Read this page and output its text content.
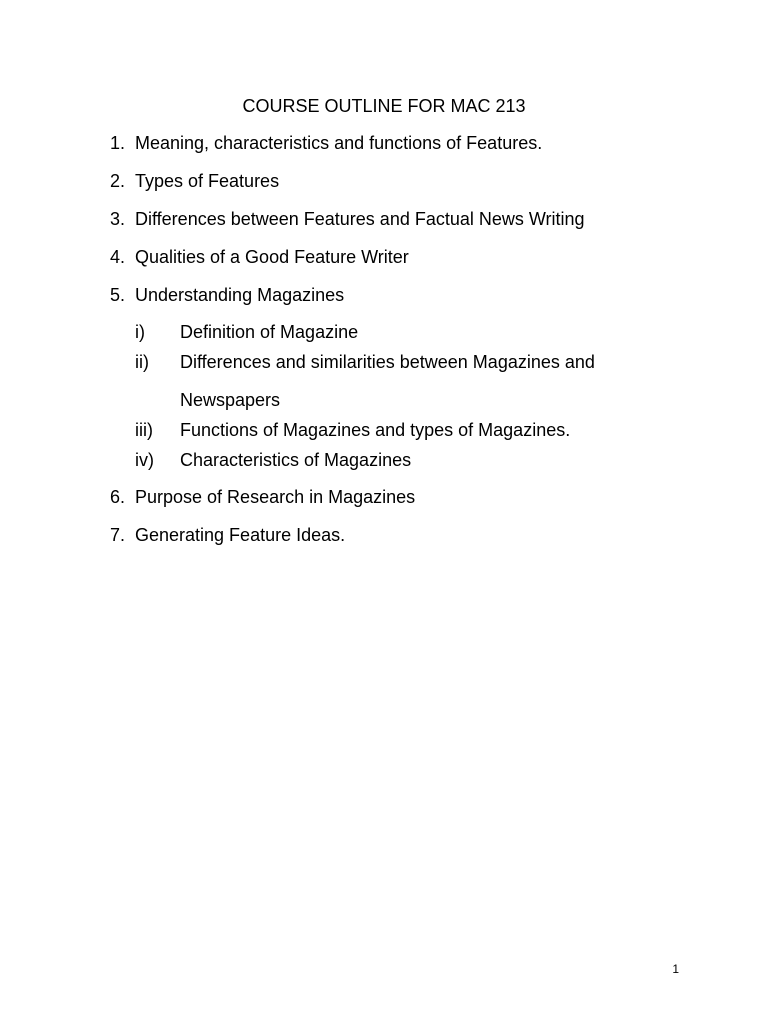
COURSE OUTLINE FOR MAC 213
1. Meaning, characteristics and functions of Features.
2. Types of Features
3. Differences between Features and Factual News Writing
4. Qualities of a Good Feature Writer
5. Understanding Magazines
i)	Definition of Magazine
ii)	Differences and similarities between Magazines and Newspapers
iii)	Functions of Magazines and types of Magazines.
iv)	Characteristics of Magazines
6. Purpose of Research in Magazines
7. Generating Feature Ideas.
1
